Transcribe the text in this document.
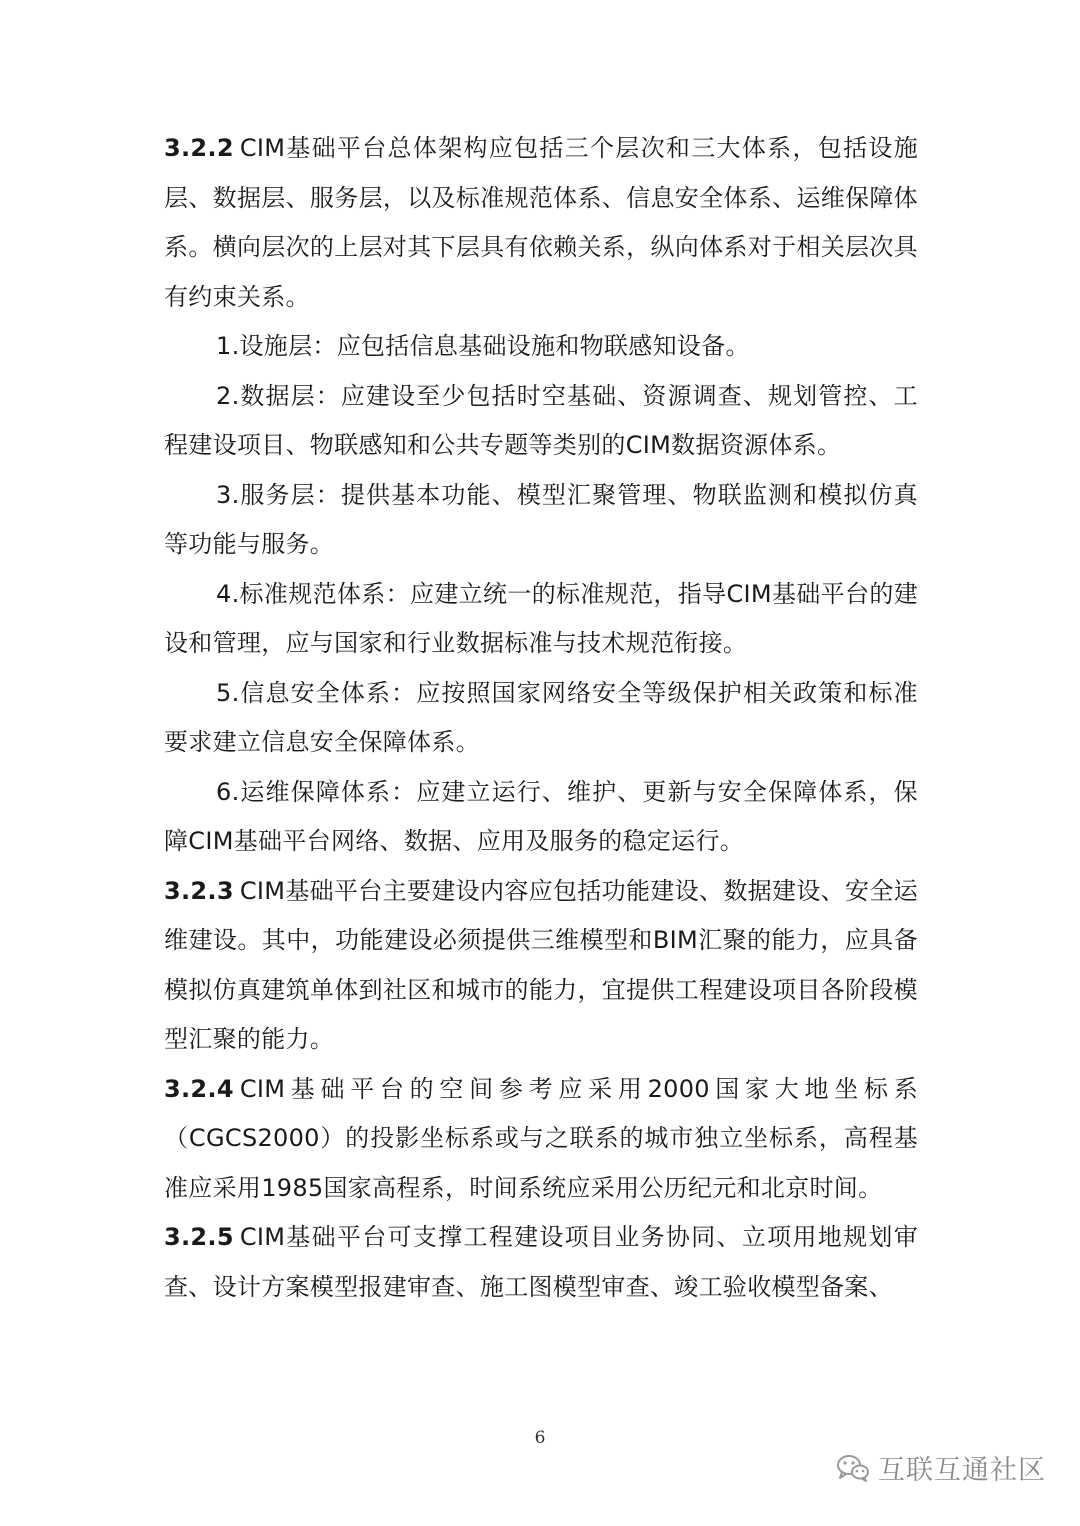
3.2.2 CIM基础平台总体架构应包括三个层次和三大体系，包括设施层、数据层、服务层，以及标准规范体系、信息安全体系、运维保障体系。横向层次的上层对其下层具有依赖关系，纵向体系对于相关层次具有约束关系。

1.设施层：应包括信息基础设施和物联感知设备。

2.数据层：应建设至少包括时空基础、资源调查、规划管控、工程建设项目、物联感知和公共专题等类别的CIM数据资源体系。

3.服务层：提供基本功能、模型汇聚管理、物联监测和模拟仿真等功能与服务。

4.标准规范体系：应建立统一的标准规范，指导CIM基础平台的建设和管理，应与国家和行业数据标准与技术规范衔接。

5.信息安全体系：应按照国家网络安全等级保护相关政策和标准要求建立信息安全保障体系。

6.运维保障体系：应建立运行、维护、更新与安全保障体系，保障CIM基础平台网络、数据、应用及服务的稳定运行。

3.2.3 CIM基础平台主要建设内容应包括功能建设、数据建设、安全运维建设。其中，功能建设必须提供三维模型和BIM汇聚的能力，应具备模拟仿真建筑单体到社区和城市的能力，宜提供工程建设项目各阶段模型汇聚的能力。

3.2.4 CIM基础平台的空间参考应采用2000国家大地坐标系（CGCS2000）的投影坐标系或与之联系的城市独立坐标系，高程基准应采用1985国家高程系，时间系统应采用公历纪元和北京时间。

3.2.5 CIM基础平台可支撑工程建设项目业务协同、立项用地规划审查、设计方案模型报建审查、施工图模型审查、竣工验收模型备案、

6
互联互通社区
